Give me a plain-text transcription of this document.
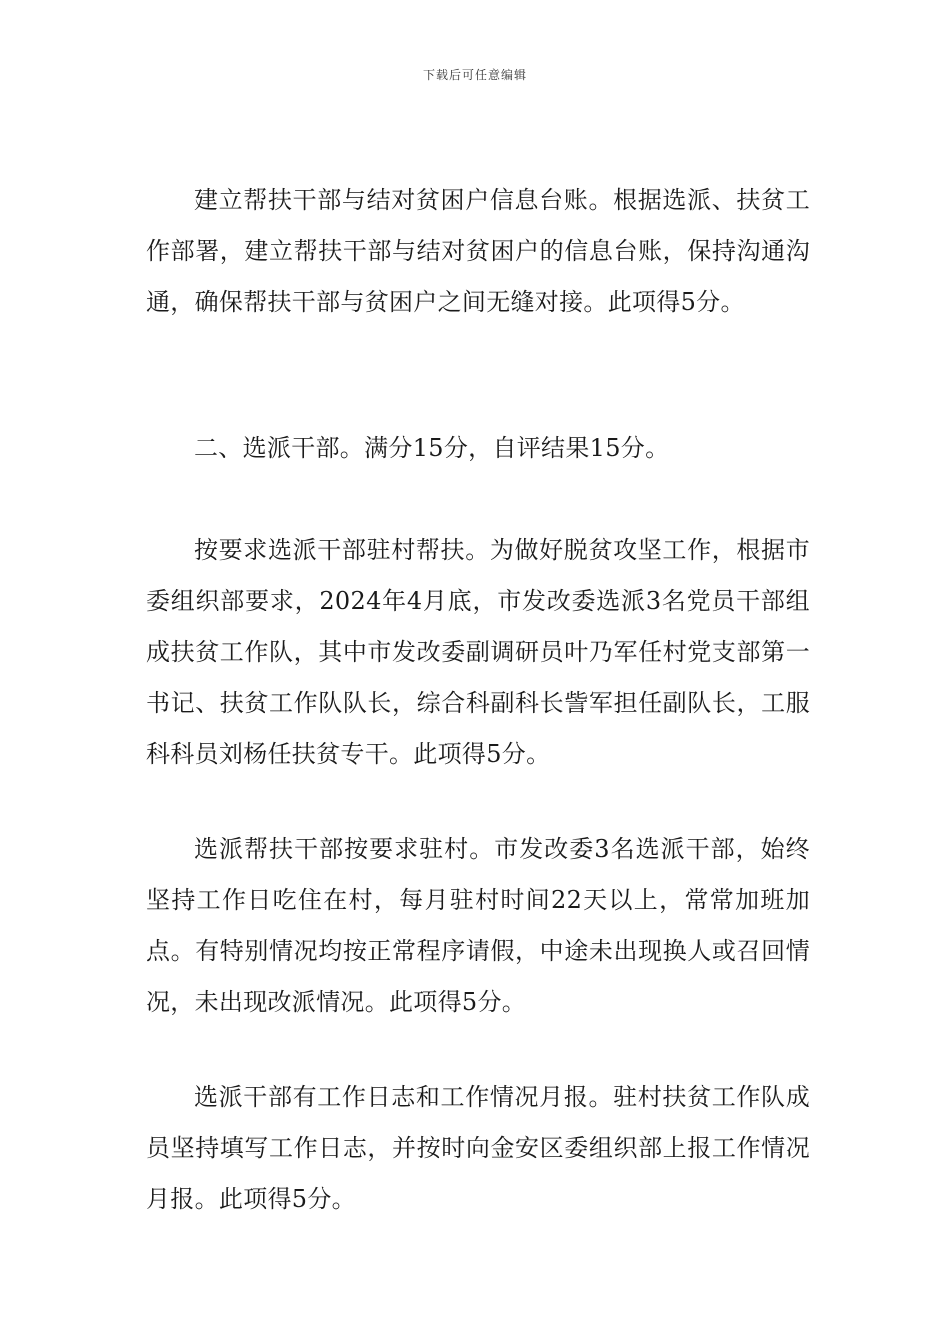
下载后可任意编辑

建立帮扶干部与结对贫困户信息台账。根据选派、扶贫工作部署，建立帮扶干部与结对贫困户的信息台账，保持沟通沟通，确保帮扶干部与贫困户之间无缝对接。此项得5分。

二、选派干部。满分15分，自评结果15分。

按要求选派干部驻村帮扶。为做好脱贫攻坚工作，根据市委组织部要求，2024年4月底，市发改委选派3名党员干部组成扶贫工作队，其中市发改委副调研员叶乃军任村党支部第一书记、扶贫工作队队长，综合科副科长訾军担任副队长，工服科科员刘杨任扶贫专干。此项得5分。

选派帮扶干部按要求驻村。市发改委3名选派干部，始终坚持工作日吃住在村，每月驻村时间22天以上，常常加班加点。有特别情况均按正常程序请假，中途未出现换人或召回情况，未出现改派情况。此项得5分。

选派干部有工作日志和工作情况月报。驻村扶贫工作队成员坚持填写工作日志，并按时向金安区委组织部上报工作情况月报。此项得5分。
